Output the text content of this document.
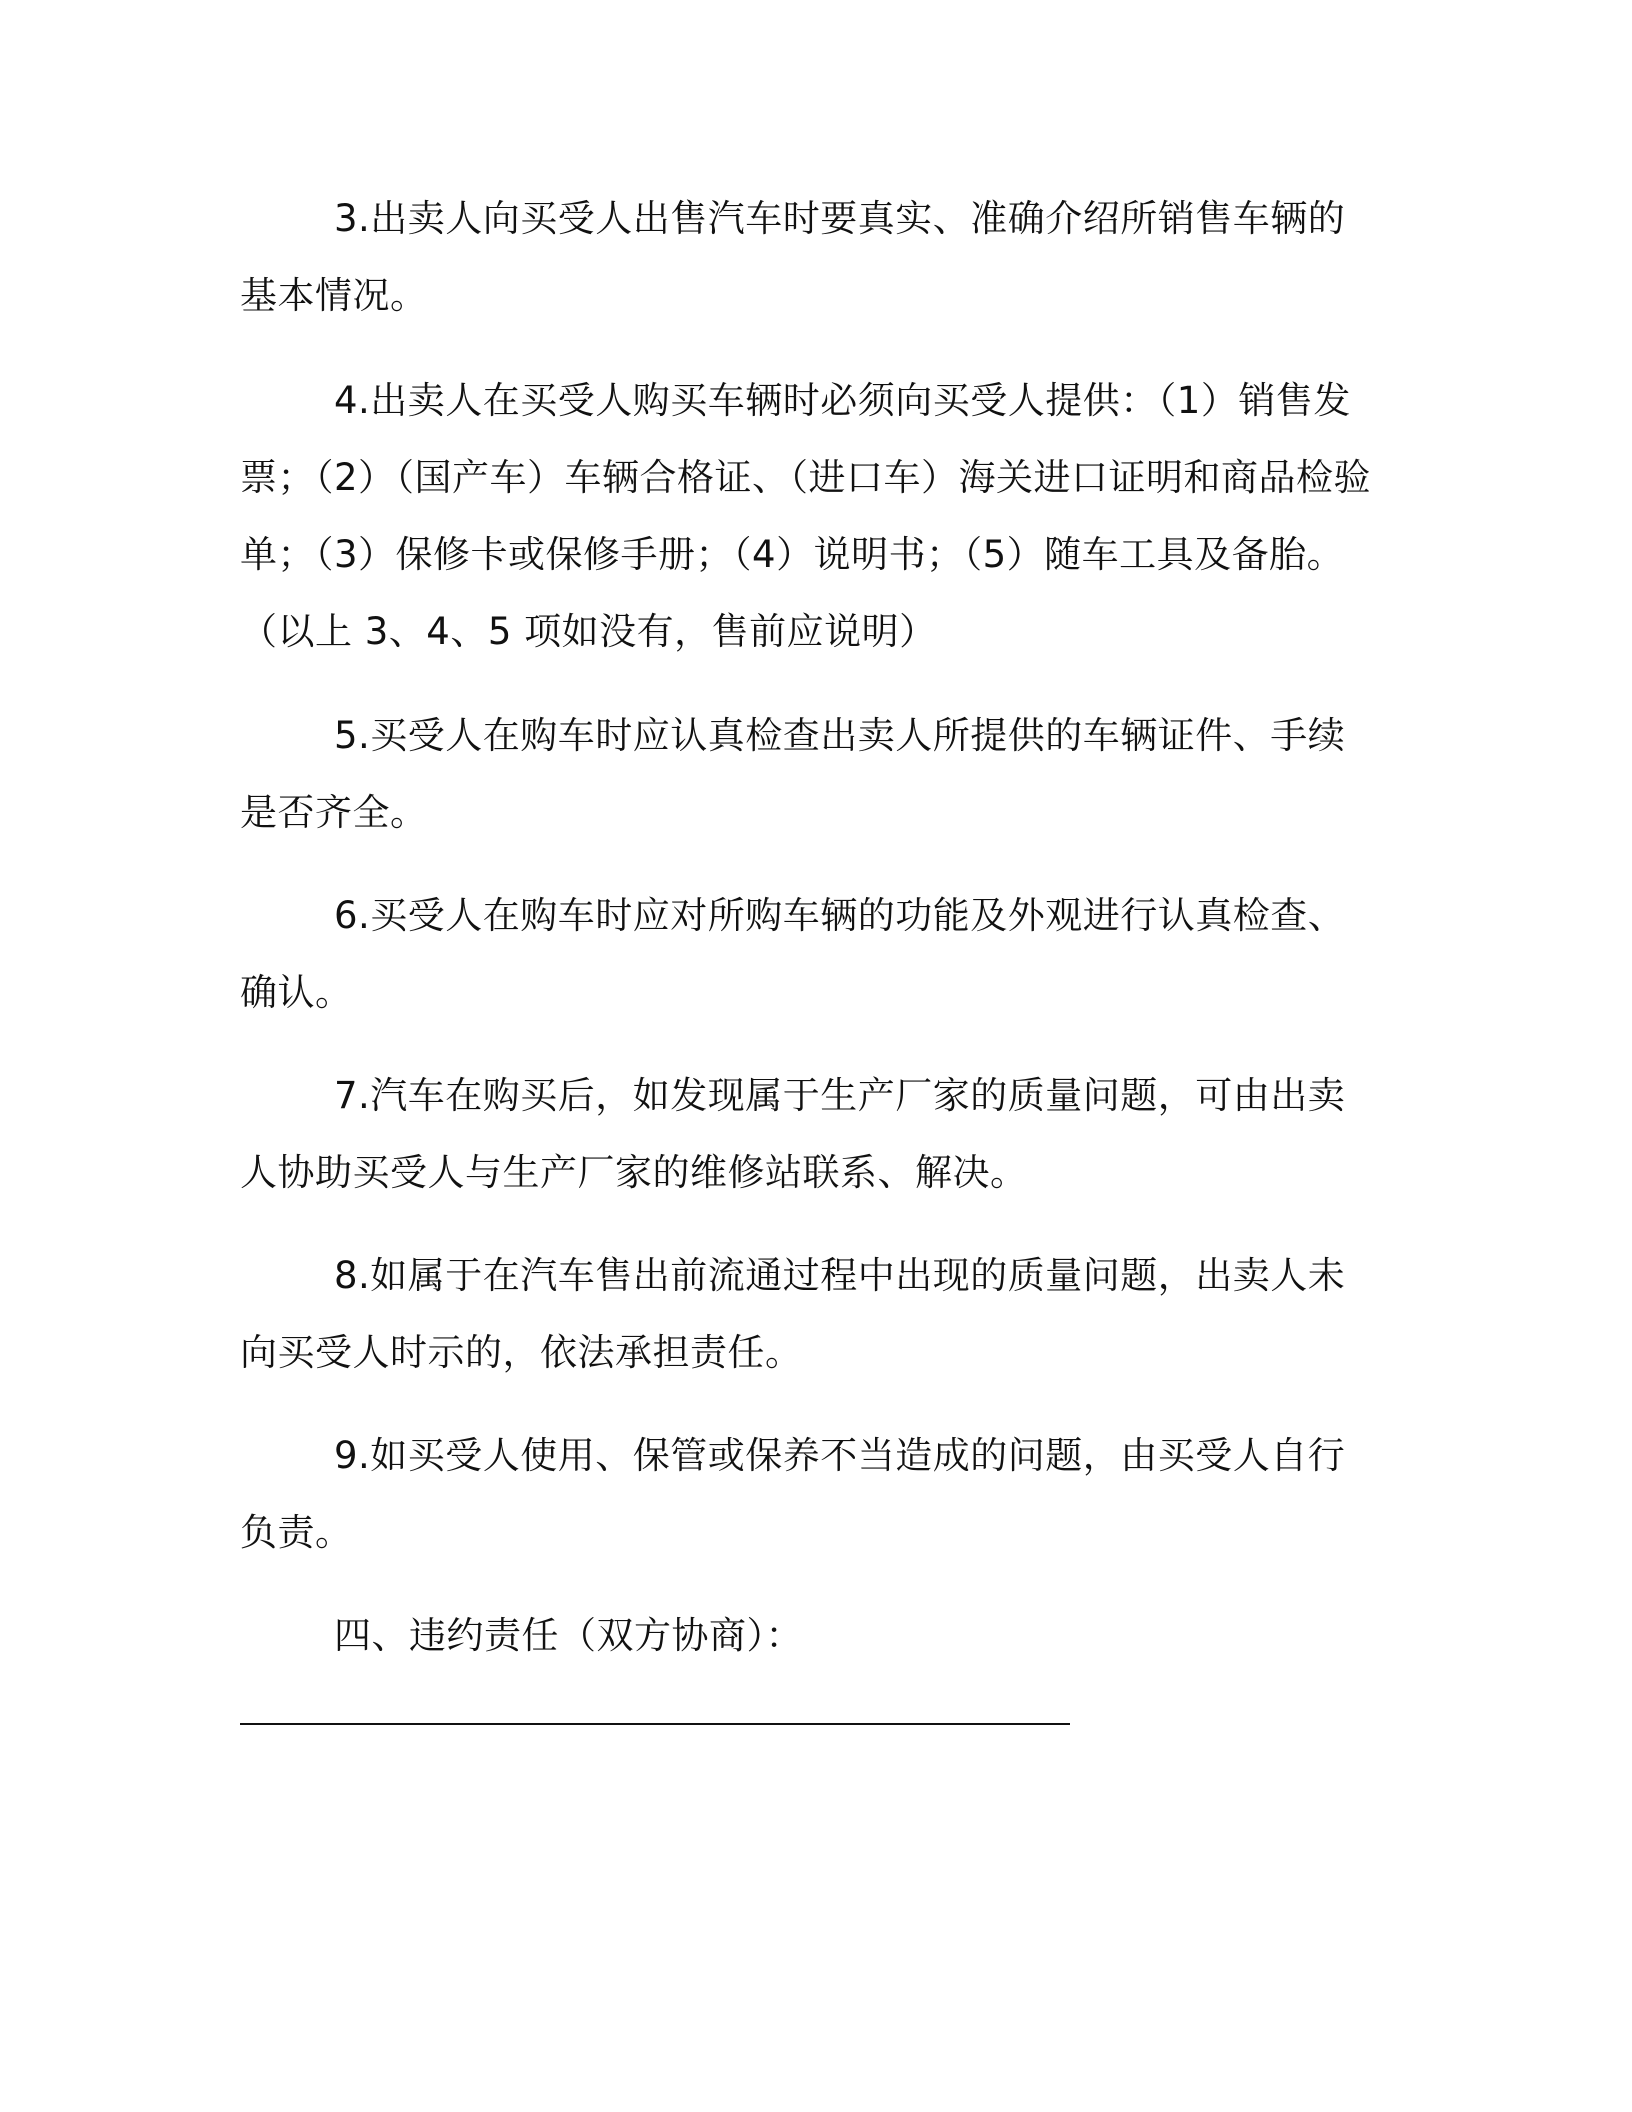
3.出卖人向买受人出售汽车时要真实、准确介绍所销售车辆的基本情况。

4.出卖人在买受人购买车辆时必须向买受人提供：（1）销售发票；（2）（国产车）车辆合格证、（进口车）海关进口证明和商品检验单；（3）保修卡或保修手册；（4）说明书；（5）随车工具及备胎。（以上 3、4、5 项如没有，售前应说明）

5.买受人在购车时应认真检查出卖人所提供的车辆证件、手续是否齐全。

6.买受人在购车时应对所购车辆的功能及外观进行认真检查、确认。

7.汽车在购买后，如发现属于生产厂家的质量问题，可由出卖人协助买受人与生产厂家的维修站联系、解决。

8.如属于在汽车售出前流通过程中出现的质量问题，出卖人未向买受人时示的，依法承担责任。

9.如买受人使用、保管或保养不当造成的问题，由买受人自行负责。

四、违约责任（双方协商）：
